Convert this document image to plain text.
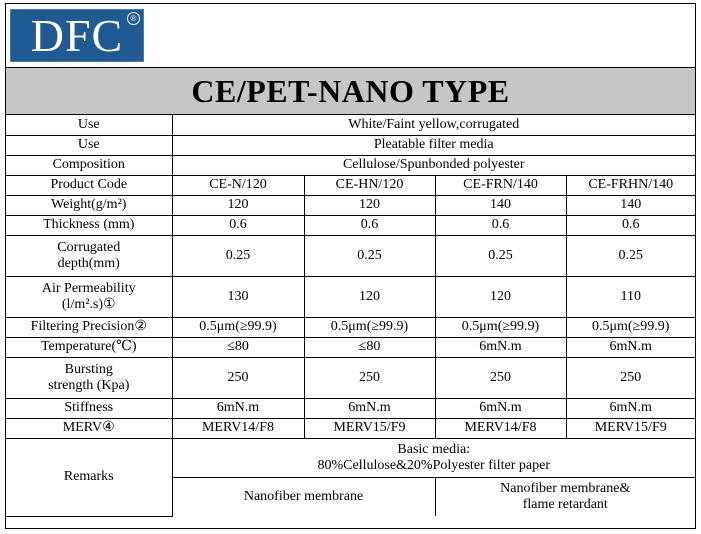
DFC ®
CE/PET-NANO TYPE
Use	White/Faint yellow,corrugated			
Use	Pleatable filter media			
Composition	Cellulose/Spunbonded polyester			
Product Code	CE-N/120	CE-HN/120	CE-FRN/140	CE-FRHN/140
Weight(g/m²)	120	120	140	140
Thickness (mm)	0.6	0.6	0.6	0.6
Corrugated
depth(mm)	0.25	0.25	0.25	0.25
Air Permeability
(l/m².s)①	130	120	120	110
Filtering Precision②	0.5μm(≥99.9)	0.5μm(≥99.9)	0.5μm(≥99.9)	0.5μm(≥99.9)
Temperature(℃)	≤80	≤80	6mN.m	6mN.m
Bursting
strength (Kpa)	250	250	250	250
Stiffness	6mN.m	6mN.m	6mN.m	6mN.m
MERV④	MERV14/F8	MERV15/F9	MERV14/F8	MERV15/F9
Remarks	Basic media:
80%Cellulose&20%Polyester filter paper			
	Nanofiber membrane		Nanofiber membrane&
flame retardant	
